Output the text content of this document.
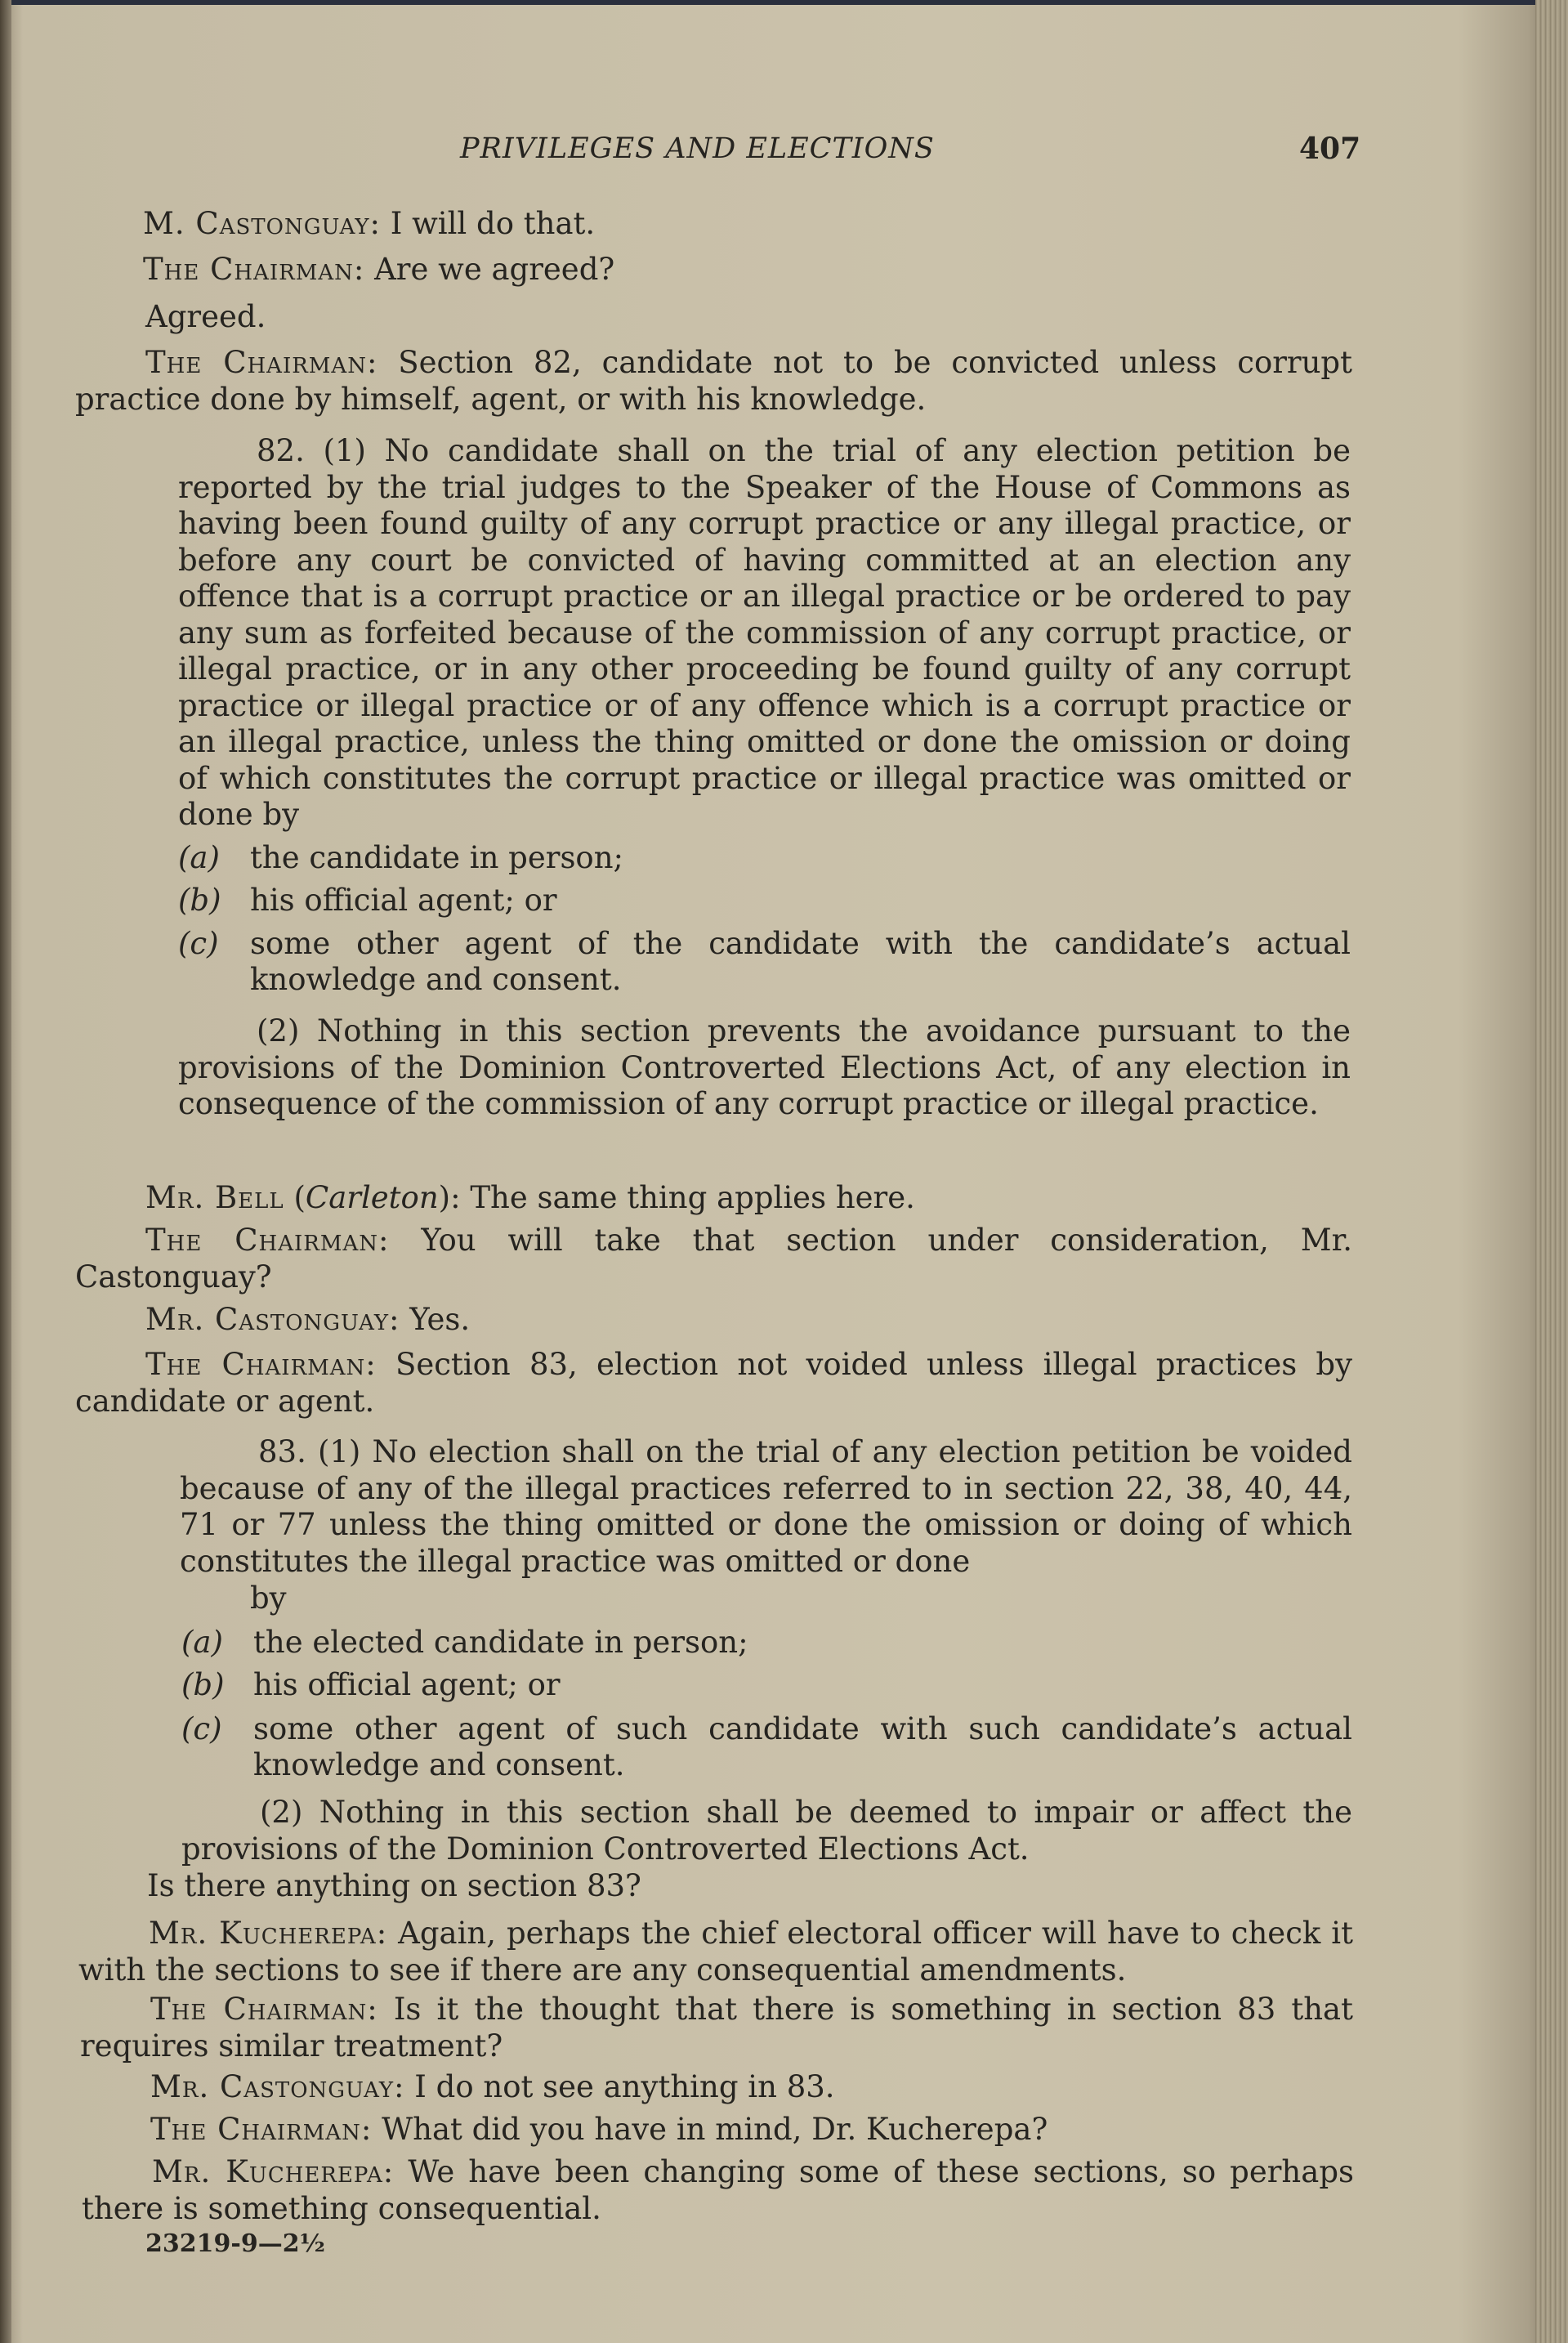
PRIVILEGES AND ELECTIONS	407
M. Castonguay: I will do that.
The Chairman: Are we agreed?
Agreed.
The Chairman: Section 82, candidate not to be convicted unless corrupt practice done by himself, agent, or with his knowledge.
82. (1) No candidate shall on the trial of any election petition be reported by the trial judges to the Speaker of the House of Commons as having been found guilty of any corrupt practice or any illegal practice, or before any court be convicted of having committed at an election any offence that is a corrupt practice or an illegal practice or be ordered to pay any sum as forfeited because of the commission of any corrupt practice, or illegal practice, or in any other proceeding be found guilty of any corrupt practice or illegal practice or of any offence which is a corrupt practice or an illegal practice, unless the thing omitted or done the omission or doing of which constitutes the corrupt practice or illegal practice was omitted or done by
(a) the candidate in person;
(b) his official agent; or
(c) some other agent of the candidate with the candidate’s actual knowledge and consent.
(2) Nothing in this section prevents the avoidance pursuant to the provisions of the Dominion Controverted Elections Act, of any election in consequence of the commission of any corrupt practice or illegal practice.
Mr. Bell (Carleton): The same thing applies here.
The Chairman: You will take that section under consideration, Mr. Castonguay?
Mr. Castonguay: Yes.
The Chairman: Section 83, election not voided unless illegal practices by candidate or agent.
83. (1) No election shall on the trial of any election petition be voided because of any of the illegal practices referred to in section 22, 38, 40, 44, 71 or 77 unless the thing omitted or done the omission or doing of which constitutes the illegal practice was omitted or done
by
(a) the elected candidate in person;
(b) his official agent; or
(c) some other agent of such candidate with such candidate’s actual knowledge and consent.
(2) Nothing in this section shall be deemed to impair or affect the provisions of the Dominion Controverted Elections Act.
Is there anything on section 83?
Mr. Kucherepa: Again, perhaps the chief electoral officer will have to check it with the sections to see if there are any consequential amendments.
The Chairman: Is it the thought that there is something in section 83 that requires similar treatment?
Mr. Castonguay: I do not see anything in 83.
The Chairman: What did you have in mind, Dr. Kucherepa?
Mr. Kucherepa: We have been changing some of these sections, so perhaps there is something consequential.
23219-9—2½
